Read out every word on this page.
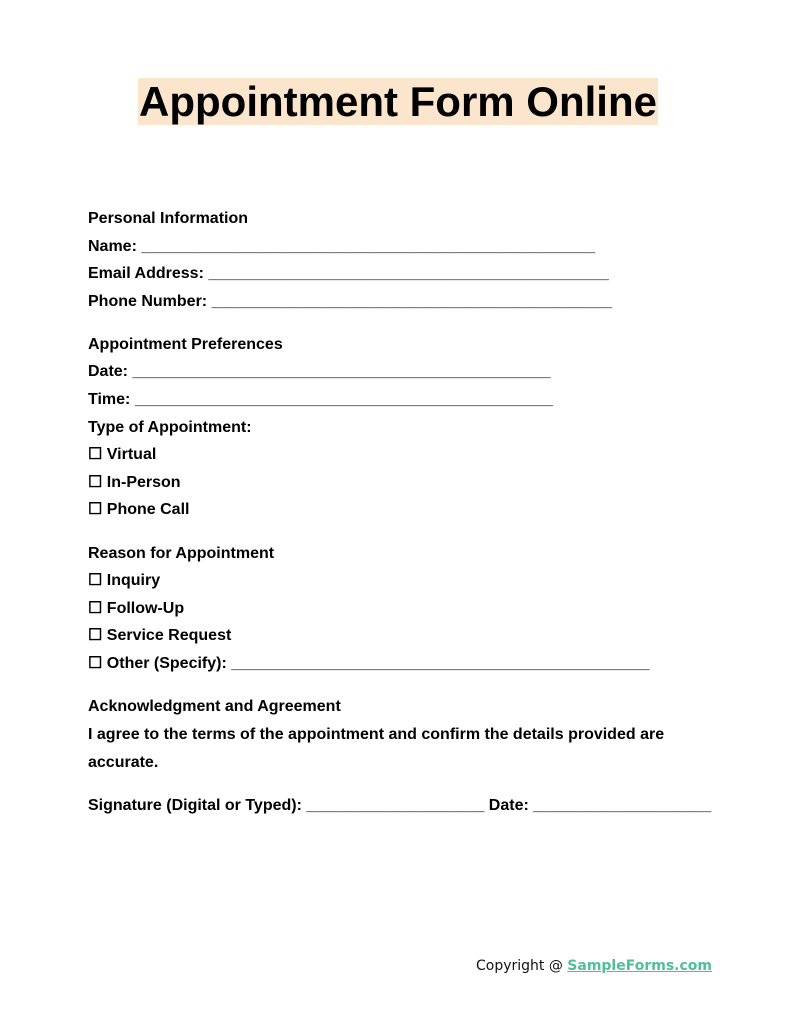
Appointment Form Online
Personal Information
Name: ___________________________________________________
Email Address: _____________________________________________
Phone Number: _____________________________________________
Appointment Preferences
Date: _______________________________________________
Time: _______________________________________________
Type of Appointment:
☐ Virtual
☐ In-Person
☐ Phone Call
Reason for Appointment
☐ Inquiry
☐ Follow-Up
☐ Service Request
☐ Other (Specify): _______________________________________________
Acknowledgment and Agreement
I agree to the terms of the appointment and confirm the details provided are accurate.
Signature (Digital or Typed): ____________________ Date: ____________________
Copyright @ SampleForms.com
